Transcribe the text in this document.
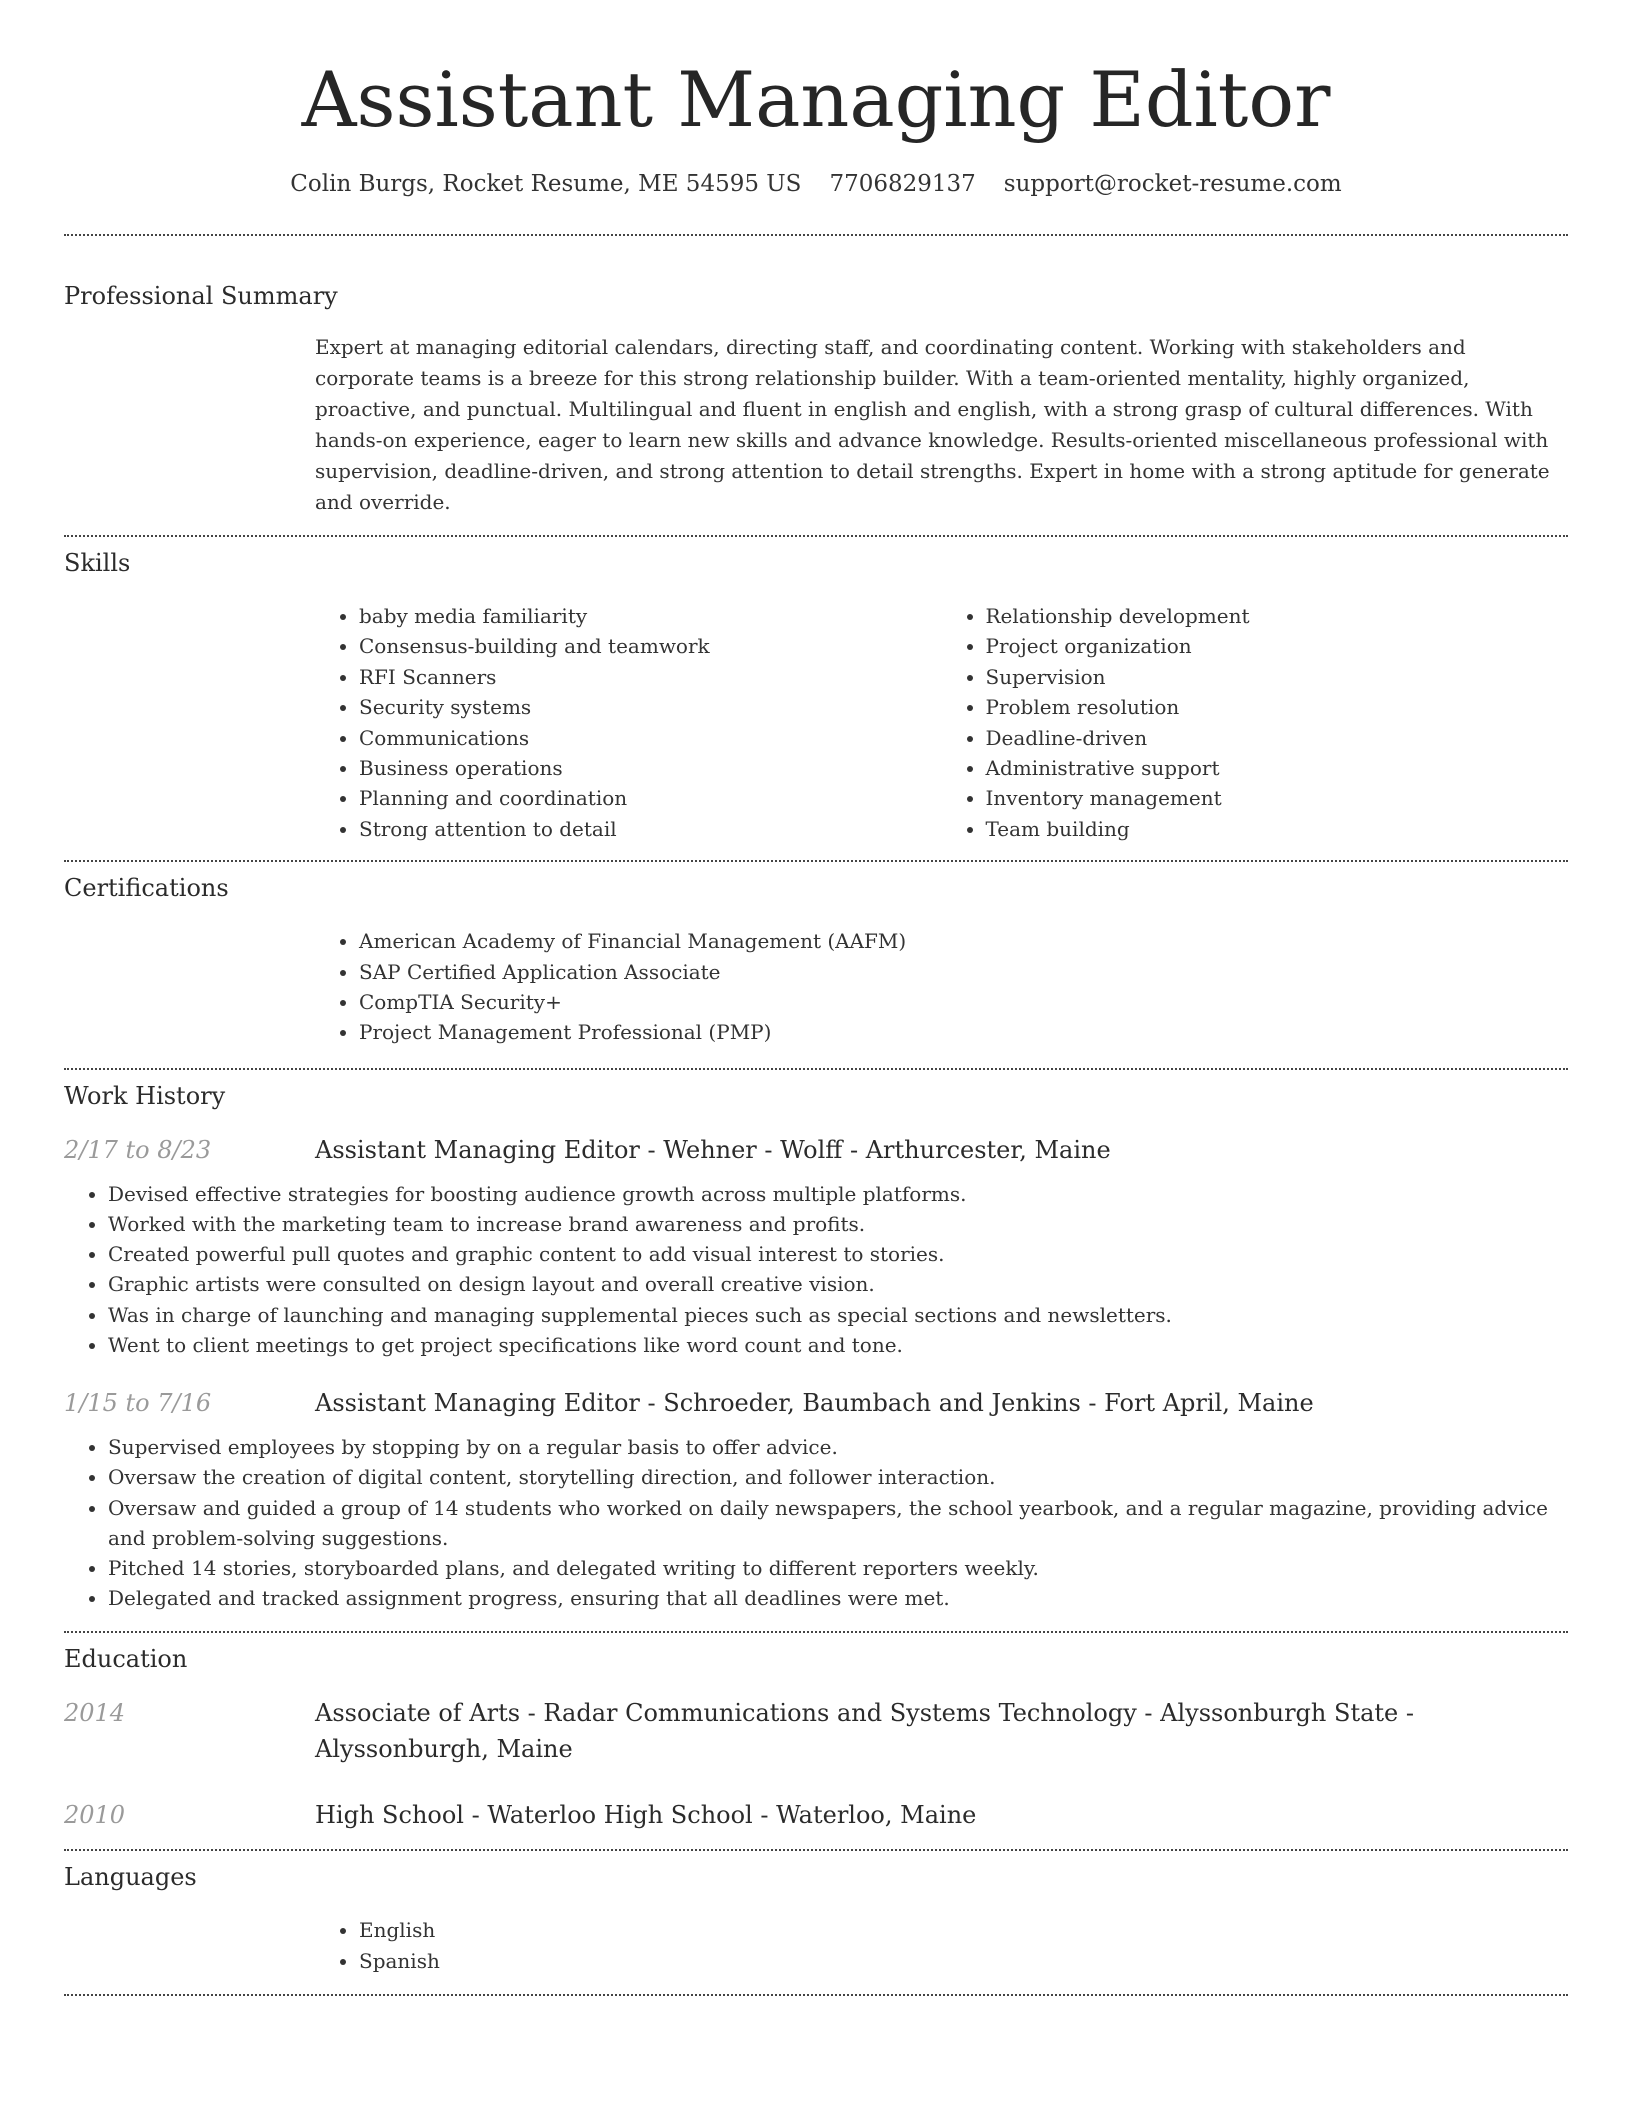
Assistant Managing Editor
Colin Burgs, Rocket Resume, ME 54595 US 7706829137 support@rocket-resume.com
Professional Summary

Expert at managing editorial calendars, directing staff, and coordinating content. Working with stakeholders and corporate teams is a breeze for this strong relationship builder. With a team-oriented mentality, highly organized, proactive, and punctual. Multilingual and fluent in english and english, with a strong grasp of cultural differences. With hands-on experience, eager to learn new skills and advance knowledge. Results-oriented miscellaneous professional with supervision, deadline-driven, and strong attention to detail strengths. Expert in home with a strong aptitude for generate and override.

Skills
• baby media familiarity
• Consensus-building and teamwork
• RFI Scanners
• Security systems
• Communications
• Business operations
• Planning and coordination
• Strong attention to detail
• Relationship development
• Project organization
• Supervision
• Problem resolution
• Deadline-driven
• Administrative support
• Inventory management
• Team building
Certifications
• American Academy of Financial Management (AAFM)
• SAP Certified Application Associate
• CompTIA Security+
• Project Management Professional (PMP)
Work History
2/17 to 8/23	Assistant Managing Editor - Wehner - Wolff - Arthurcester, Maine
• Devised effective strategies for boosting audience growth across multiple platforms.
• Worked with the marketing team to increase brand awareness and profits.
• Created powerful pull quotes and graphic content to add visual interest to stories.
• Graphic artists were consulted on design layout and overall creative vision.
• Was in charge of launching and managing supplemental pieces such as special sections and newsletters.
• Went to client meetings to get project specifications like word count and tone.
1/15 to 7/16	Assistant Managing Editor - Schroeder, Baumbach and Jenkins - Fort April, Maine
• Supervised employees by stopping by on a regular basis to offer advice.
• Oversaw the creation of digital content, storytelling direction, and follower interaction.
• Oversaw and guided a group of 14 students who worked on daily newspapers, the school yearbook, and a regular magazine, providing advice and problem-solving suggestions.
• Pitched 14 stories, storyboarded plans, and delegated writing to different reporters weekly.
• Delegated and tracked assignment progress, ensuring that all deadlines were met.
Education
2014	Associate of Arts - Radar Communications and Systems Technology - Alyssonburgh State - Alyssonburgh, Maine
2010	High School - Waterloo High School - Waterloo, Maine
Languages
• English
• Spanish
